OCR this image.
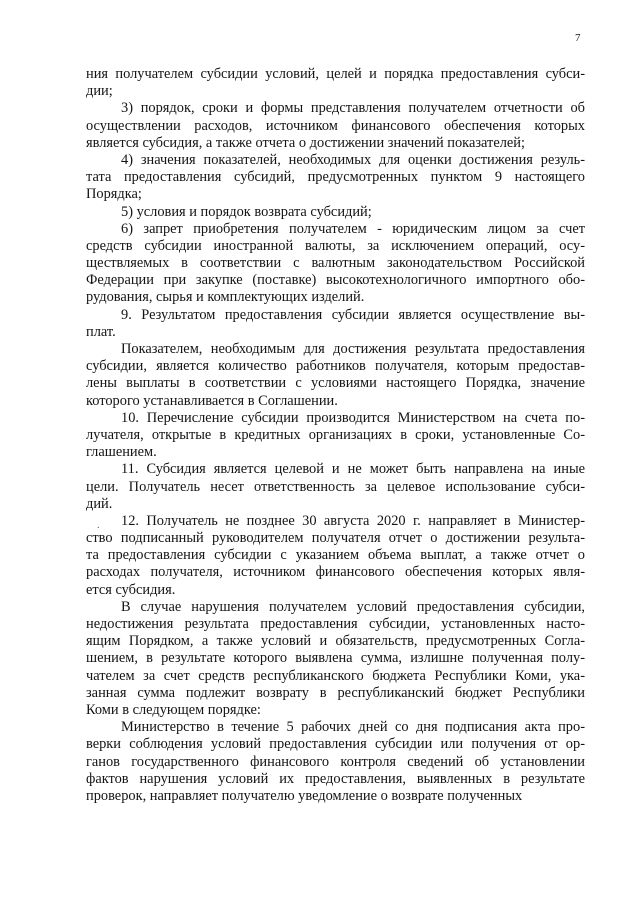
7
.
ния получателем субсидии условий, целей и порядка предоставления субси-
дии;
3) порядок, сроки и формы представления получателем отчетности об
осуществлении расходов, источником финансового обеспечения которых
является субсидия, а также отчета о достижении значений показателей;
4) значения показателей, необходимых для оценки достижения резуль-
тата предоставления субсидий, предусмотренных пунктом 9 настоящего
Порядка;
5) условия и порядок возврата субсидий;
6) запрет приобретения получателем - юридическим лицом за счет
средств субсидии иностранной валюты, за исключением операций, осу-
ществляемых в соответствии с валютным законодательством Российской
Федерации при закупке (поставке) высокотехнологичного импортного обо-
рудования, сырья и комплектующих изделий.
9. Результатом предоставления субсидии является осуществление вы-
плат.
Показателем, необходимым для достижения результата предоставления
субсидии, является количество работников получателя, которым предостав-
лены выплаты в соответствии с условиями настоящего Порядка, значение
которого устанавливается в Соглашении.
10. Перечисление субсидии производится Министерством на счета по-
лучателя, открытые в кредитных организациях в сроки, установленные Со-
глашением.
11. Субсидия является целевой и не может быть направлена на иные
цели. Получатель несет ответственность за целевое использование субси-
дий.
12. Получатель не позднее 30 августа 2020 г. направляет в Министер-
ство подписанный руководителем получателя отчет о достижении результа-
та предоставления субсидии с указанием объема выплат, а также отчет о
расходах получателя, источником финансового обеспечения которых явля-
ется субсидия.
В случае нарушения получателем условий предоставления субсидии,
недостижения результата предоставления субсидии, установленных насто-
ящим Порядком, а также условий и обязательств, предусмотренных Согла-
шением, в результате которого выявлена сумма, излишне полученная полу-
чателем за счет средств республиканского бюджета Республики Коми, ука-
занная сумма подлежит возврату в республиканский бюджет Республики
Коми в следующем порядке:
Министерство в течение 5 рабочих дней со дня подписания акта про-
верки соблюдения условий предоставления субсидии или получения от ор-
ганов государственного финансового контроля сведений об установлении
фактов нарушения условий их предоставления, выявленных в результате
проверок, направляет получателю уведомление о возврате полученных
